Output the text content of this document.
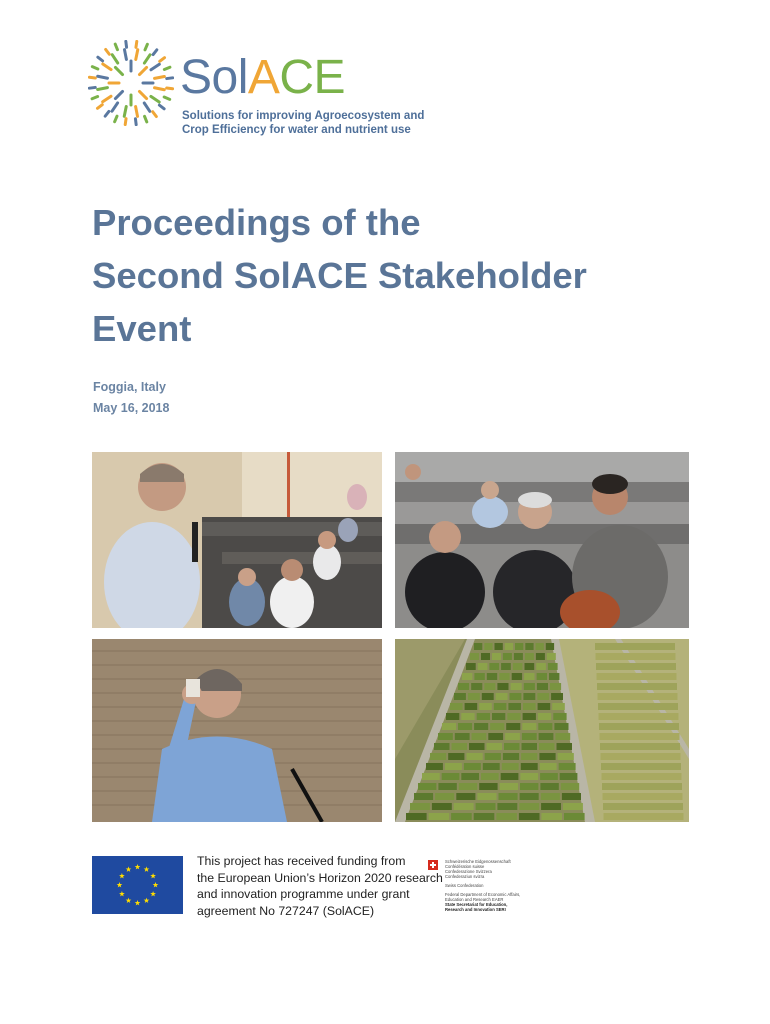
SolACE
Solutions for improving Agroecosystem and
Crop Efficiency for water and nutrient use
Proceedings of the
Second SolACE Stakeholder
Event
Foggia, Italy
May 16, 2018
This project has received funding from
the European Union’s Horizon 2020 research
and innovation programme under grant
agreement No 727247 (SolACE)
Schweizerische Eidgenossenschaft
Confédération suisse
Confederazione Svizzera
Confederaziun svizra
Swiss Confederation
Federal Department of Economic Affairs,
Education and Research EAER
State Secretariat for Education,
Research and Innovation SERI
